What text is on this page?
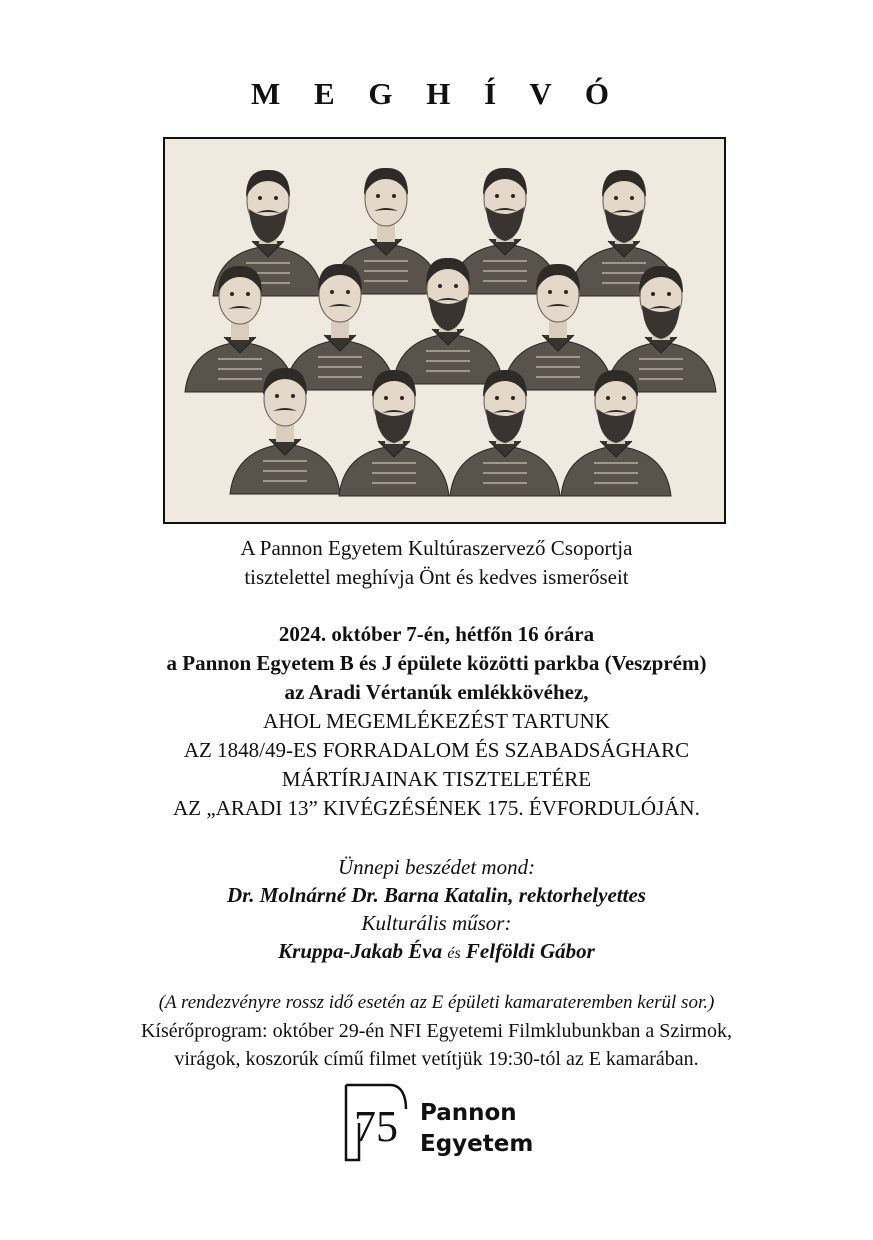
M E G H Í V Ó
A Pannon Egyetem Kultúraszervező Csoportja
tisztelettel meghívja Önt és kedves ismerőseit
2024. október 7-én, hétfőn 16 órára
a Pannon Egyetem B és J épülete közötti parkba (Veszprém)
az Aradi Vértanúk emlékkövéhez,
AHOL MEGEMLÉKEZÉST TARTUNK
AZ 1848/49-ES FORRADALOM ÉS SZABADSÁGHARC
MÁRTÍRJAINAK TISZTELETÉRE
AZ „ARADI 13” KIVÉGZÉSÉNEK 175. ÉVFORDULÓJÁN.
Ünnepi beszédet mond:
Dr. Molnárné Dr. Barna Katalin, rektorhelyettes
Kulturális műsor:
Kruppa-Jakab Éva és Felföldi Gábor
(A rendezvényre rossz idő esetén az E épületi kamarateremben kerül sor.)
Kísérőprogram: október 29-én NFI Egyetemi Filmklubunkban a Szirmok,
virágok, koszorúk című filmet vetítjük 19:30-tól az E kamarában.
75 Pannon
Egyetem
